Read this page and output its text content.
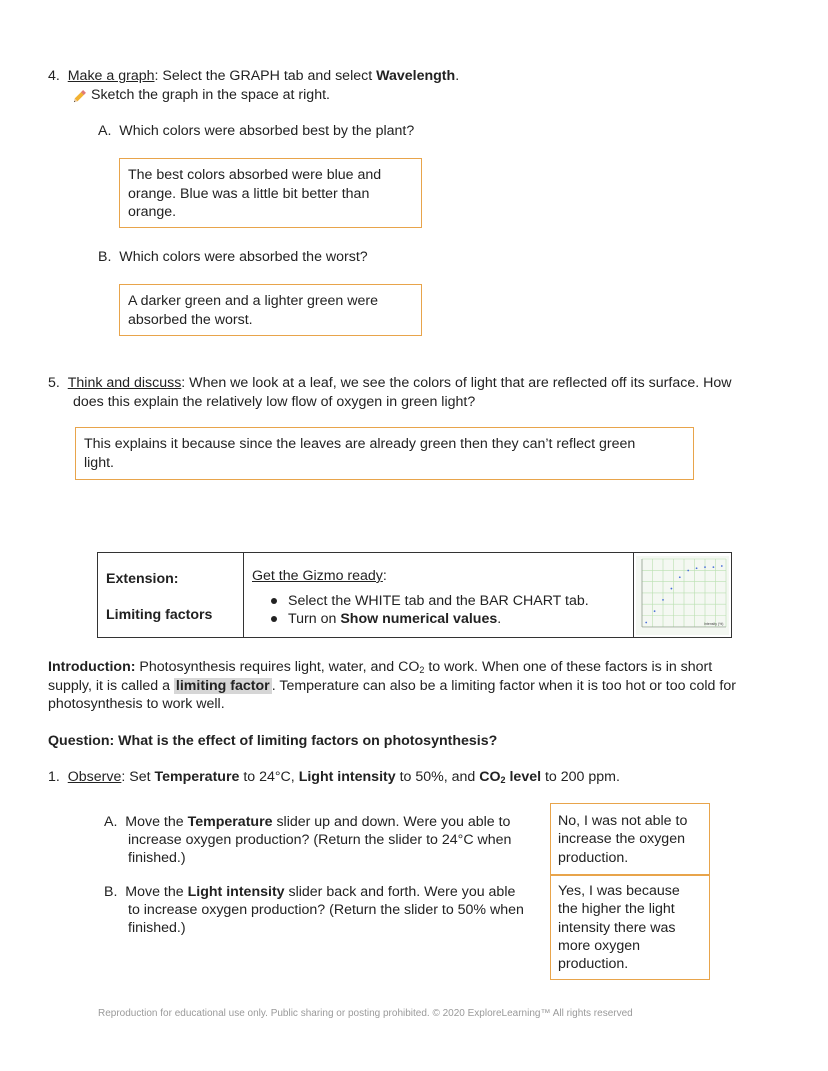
4. Make a graph: Select the GRAPH tab and select Wavelength.
Sketch the graph in the space at right.
A. Which colors were absorbed best by the plant?
The best colors absorbed were blue and
orange. Blue was a little bit better than
orange.
B. Which colors were absorbed the worst?
A darker green and a lighter green were
absorbed the worst.
5. Think and discuss: When we look at a leaf, we see the colors of light that are reflected off its surface. How
does this explain the relatively low flow of oxygen in green light?
This explains it because since the leaves are already green then they can’t reflect green
light.
Extension:
Limiting factors
Get the Gizmo ready:
Select the WHITE tab and the BAR CHART tab.
Turn on Show numerical values.	Intensity (%)
Introduction: Photosynthesis requires light, water, and $CO_2$ to work. When one of these factors is in short
supply, it is called a limiting factor . Temperature can also be a limiting factor when it is too hot or too cold for
photosynthesis to work well.
Question: What is the effect of limiting factors on photosynthesis?
1. Observe: Set Temperature to 24°C, Light intensity to 50%, and $CO_2$ level to 200 ppm.
A. Move the Temperature slider up and down. Were you able to
increase oxygen production? (Return the slider to 24°C when
finished.)
B. Move the Light intensity slider back and forth. Were you able
to increase oxygen production? (Return the slider to 50% when
finished.)
No, I was not able to
increase the oxygen
production.
Yes, I was because
the higher the light
intensity there was
more oxygen
production.
Reproduction for educational use only. Public sharing or posting prohibited. © 2020 ExploreLearning™ All rights reserved
